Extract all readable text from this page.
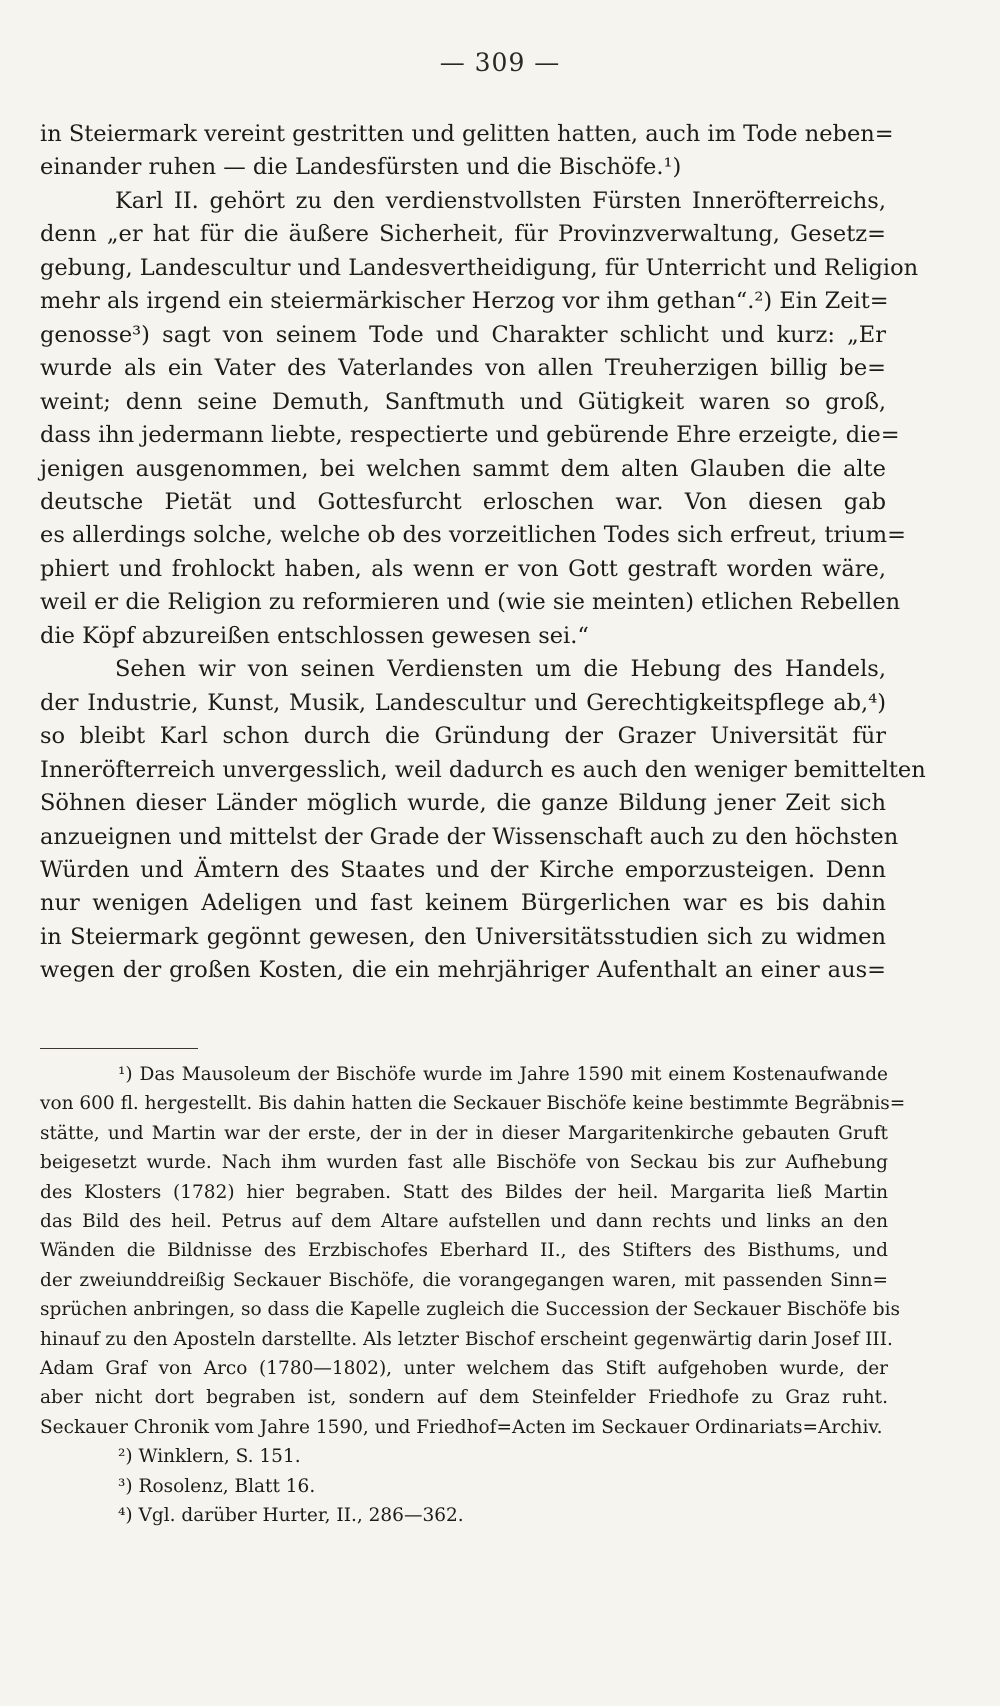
— 309 —

in Steiermark vereint gestritten und gelitten hatten, auch im Tode neben=

einander ruhen — die Landesfürsten und die Bischöfe.¹)

Karl II. gehört zu den verdienstvollsten Fürsten Inneröfterreichs,

denn „er hat für die äußere Sicherheit, für Provinzverwaltung, Gesetz=

gebung, Landescultur und Landesvertheidigung, für Unterricht und Religion

mehr als irgend ein steiermärkischer Herzog vor ihm gethan“.²) Ein Zeit=

genosse³) sagt von seinem Tode und Charakter schlicht und kurz: „Er

wurde als ein Vater des Vaterlandes von allen Treuherzigen billig be=

weint; denn seine Demuth, Sanftmuth und Gütigkeit waren so groß,

dass ihn jedermann liebte, respectierte und gebürende Ehre erzeigte, die=

jenigen ausgenommen, bei welchen sammt dem alten Glauben die alte

deutsche Pietät und Gottesfurcht erloschen war. Von diesen gab

es allerdings solche, welche ob des vorzeitlichen Todes sich erfreut, trium=

phiert und frohlockt haben, als wenn er von Gott gestraft worden wäre,

weil er die Religion zu reformieren und (wie sie meinten) etlichen Rebellen

die Köpf abzureißen entschlossen gewesen sei.“

Sehen wir von seinen Verdiensten um die Hebung des Handels,

der Industrie, Kunst, Musik, Landescultur und Gerechtigkeitspflege ab,⁴)

so bleibt Karl schon durch die Gründung der Grazer Universität für

Inneröfterreich unvergesslich, weil dadurch es auch den weniger bemittelten

Söhnen dieser Länder möglich wurde, die ganze Bildung jener Zeit sich

anzueignen und mittelst der Grade der Wissenschaft auch zu den höchsten

Würden und Ämtern des Staates und der Kirche emporzusteigen. Denn

nur wenigen Adeligen und fast keinem Bürgerlichen war es bis dahin

in Steiermark gegönnt gewesen, den Universitätsstudien sich zu widmen

wegen der großen Kosten, die ein mehrjähriger Aufenthalt an einer aus=

¹) Das Mausoleum der Bischöfe wurde im Jahre 1590 mit einem Kostenaufwande

von 600 fl. hergestellt. Bis dahin hatten die Seckauer Bischöfe keine bestimmte Begräbnis=

stätte, und Martin war der erste, der in der in dieser Margaritenkirche gebauten Gruft

beigesetzt wurde. Nach ihm wurden fast alle Bischöfe von Seckau bis zur Aufhebung

des Klosters (1782) hier begraben. Statt des Bildes der heil. Margarita ließ Martin

das Bild des heil. Petrus auf dem Altare aufstellen und dann rechts und links an den

Wänden die Bildnisse des Erzbischofes Eberhard II., des Stifters des Bisthums, und

der zweiunddreißig Seckauer Bischöfe, die vorangegangen waren, mit passenden Sinn=

sprüchen anbringen, so dass die Kapelle zugleich die Succession der Seckauer Bischöfe bis

hinauf zu den Aposteln darstellte. Als letzter Bischof erscheint gegenwärtig darin Josef III.

Adam Graf von Arco (1780—1802), unter welchem das Stift aufgehoben wurde, der

aber nicht dort begraben ist, sondern auf dem Steinfelder Friedhofe zu Graz ruht.

Seckauer Chronik vom Jahre 1590, und Friedhof=Acten im Seckauer Ordinariats=Archiv.

²) Winklern, S. 151.

³) Rosolenz, Blatt 16.

⁴) Vgl. darüber Hurter, II., 286—362.
